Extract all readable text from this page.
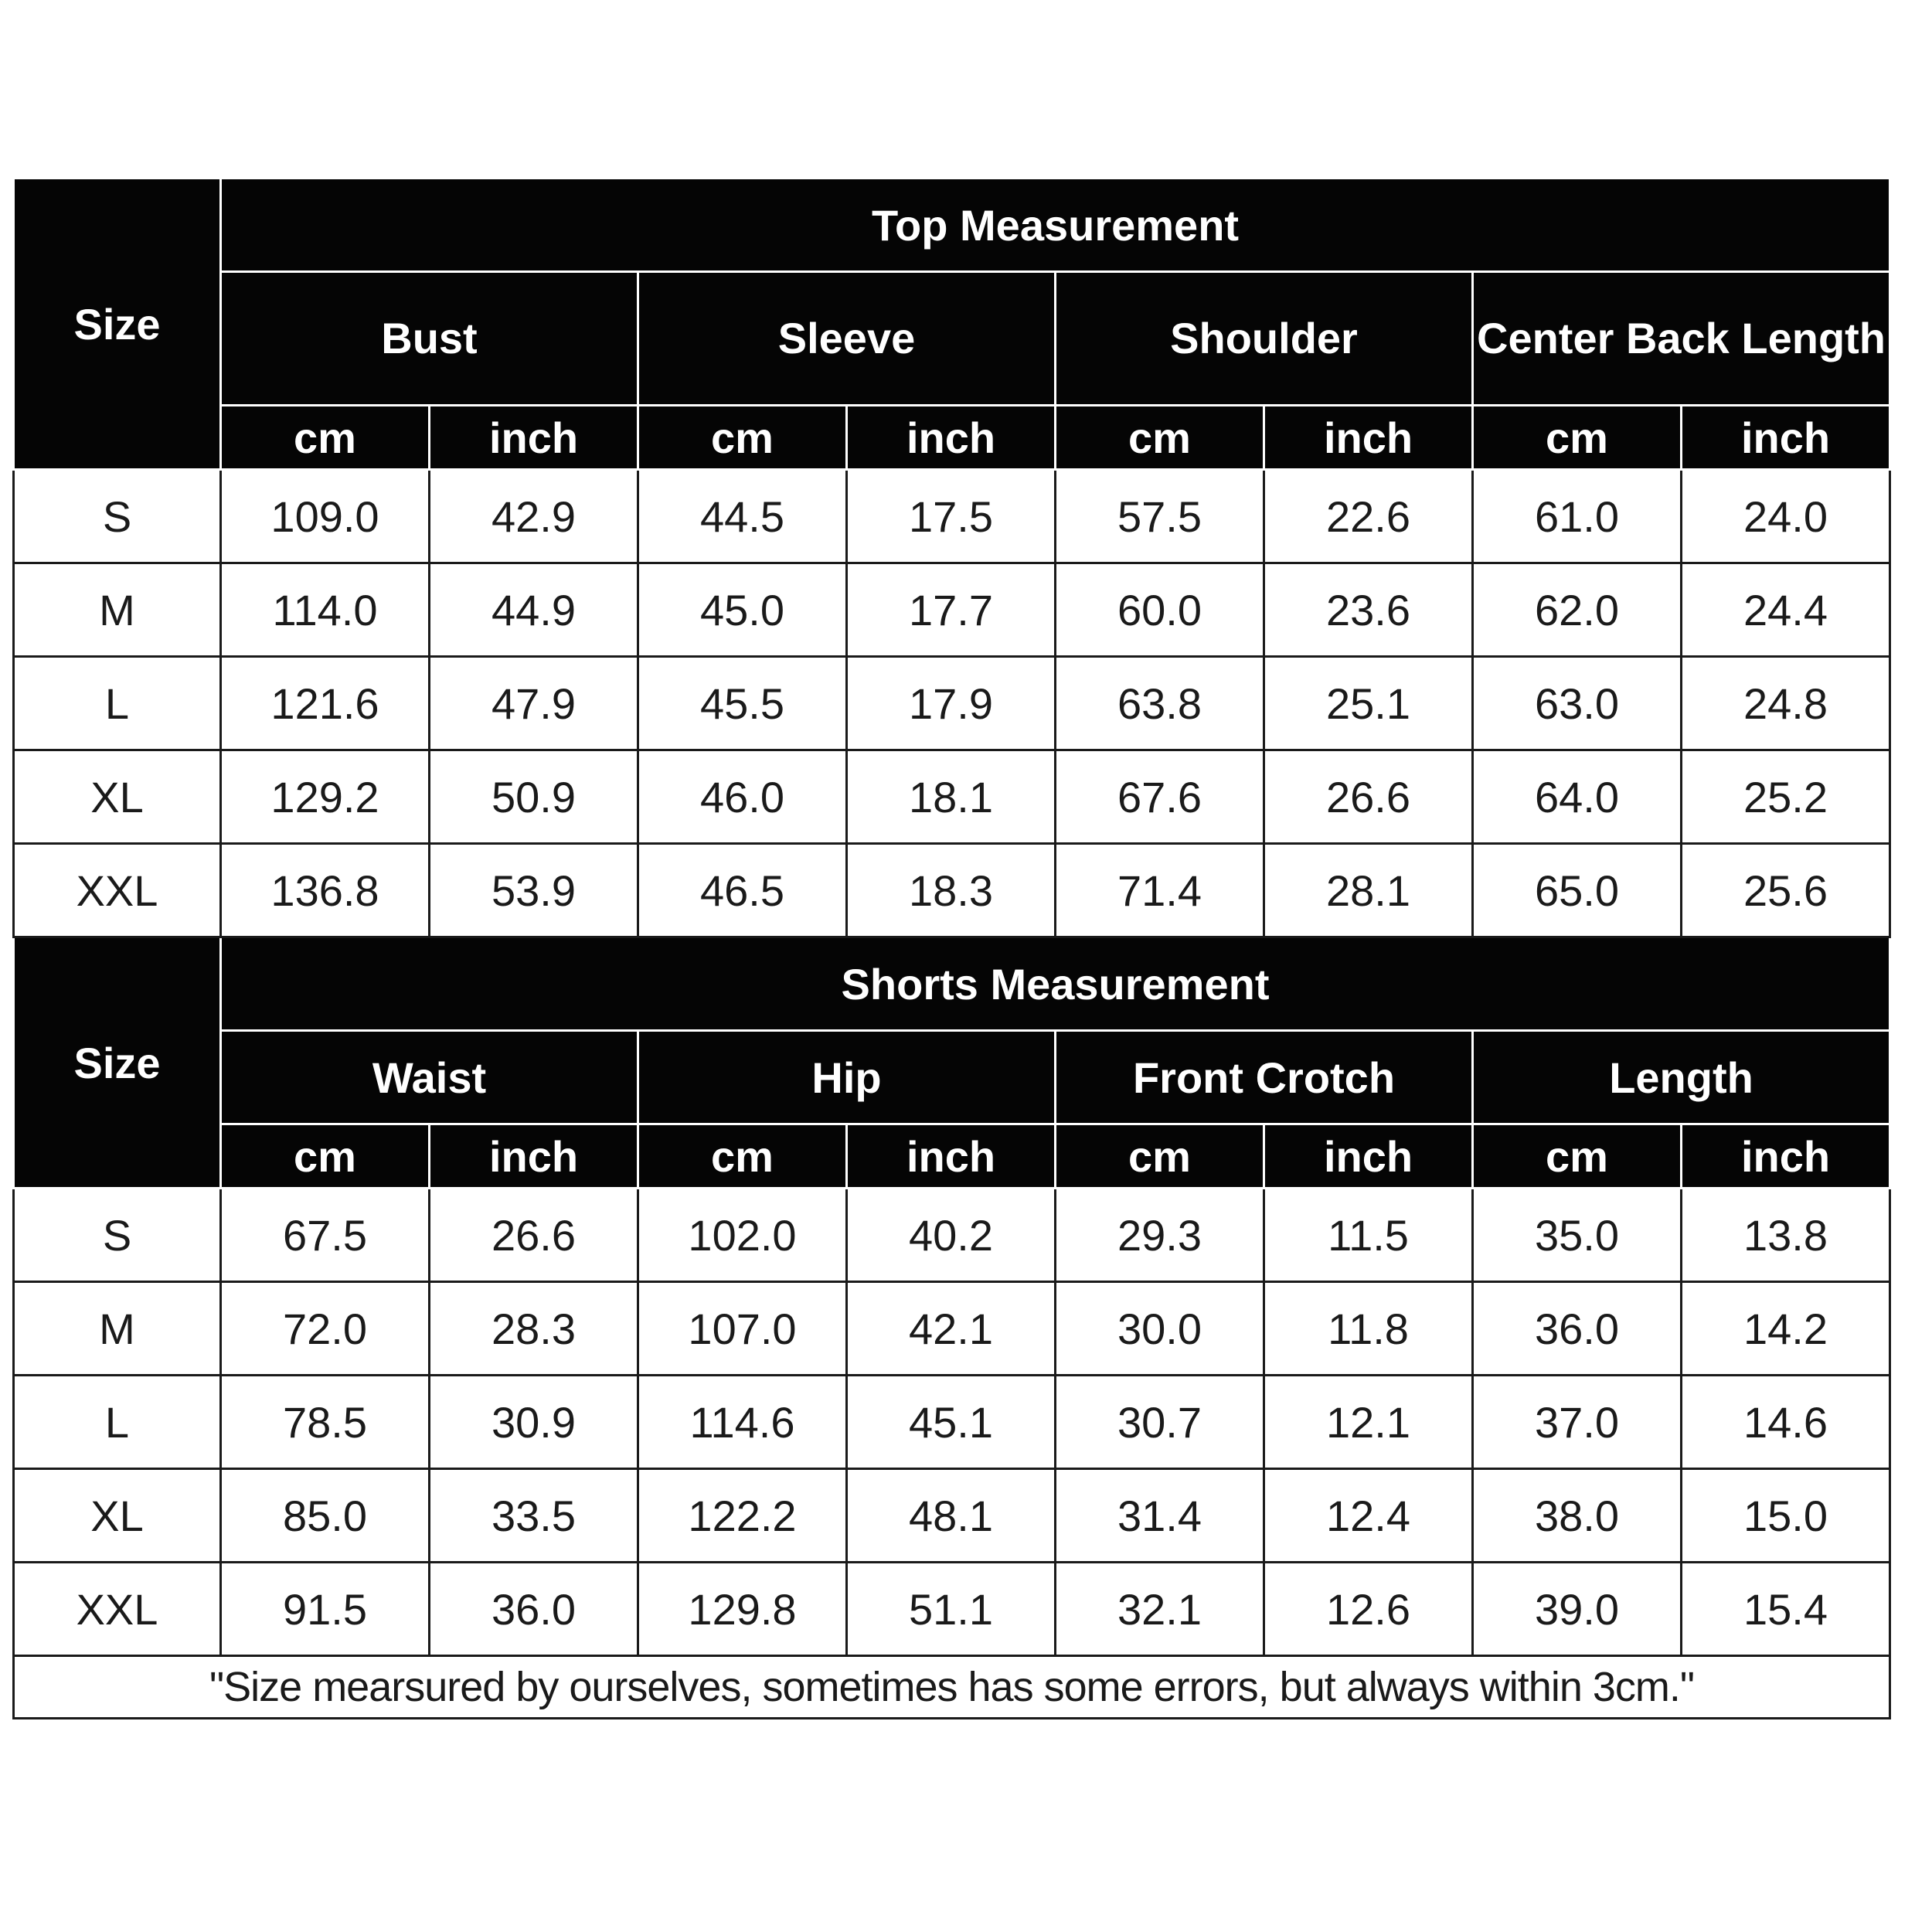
Size	Top Measurement							
	Bust		Sleeve		Shoulder		Center Back Length	
	cm	inch	cm	inch	cm	inch	cm	inch
S	109.0	42.9	44.5	17.5	57.5	22.6	61.0	24.0
M	114.0	44.9	45.0	17.7	60.0	23.6	62.0	24.4
L	121.6	47.9	45.5	17.9	63.8	25.1	63.0	24.8
XL	129.2	50.9	46.0	18.1	67.6	26.6	64.0	25.2
XXL	136.8	53.9	46.5	18.3	71.4	28.1	65.0	25.6
Size	Shorts Measurement							
	Waist		Hip		Front Crotch		Length	
	cm	inch	cm	inch	cm	inch	cm	inch
S	67.5	26.6	102.0	40.2	29.3	11.5	35.0	13.8
M	72.0	28.3	107.0	42.1	30.0	11.8	36.0	14.2
L	78.5	30.9	114.6	45.1	30.7	12.1	37.0	14.6
XL	85.0	33.5	122.2	48.1	31.4	12.4	38.0	15.0
XXL	91.5	36.0	129.8	51.1	32.1	12.6	39.0	15.4
"Size mearsured by ourselves, sometimes has some errors, but always within 3cm."								
